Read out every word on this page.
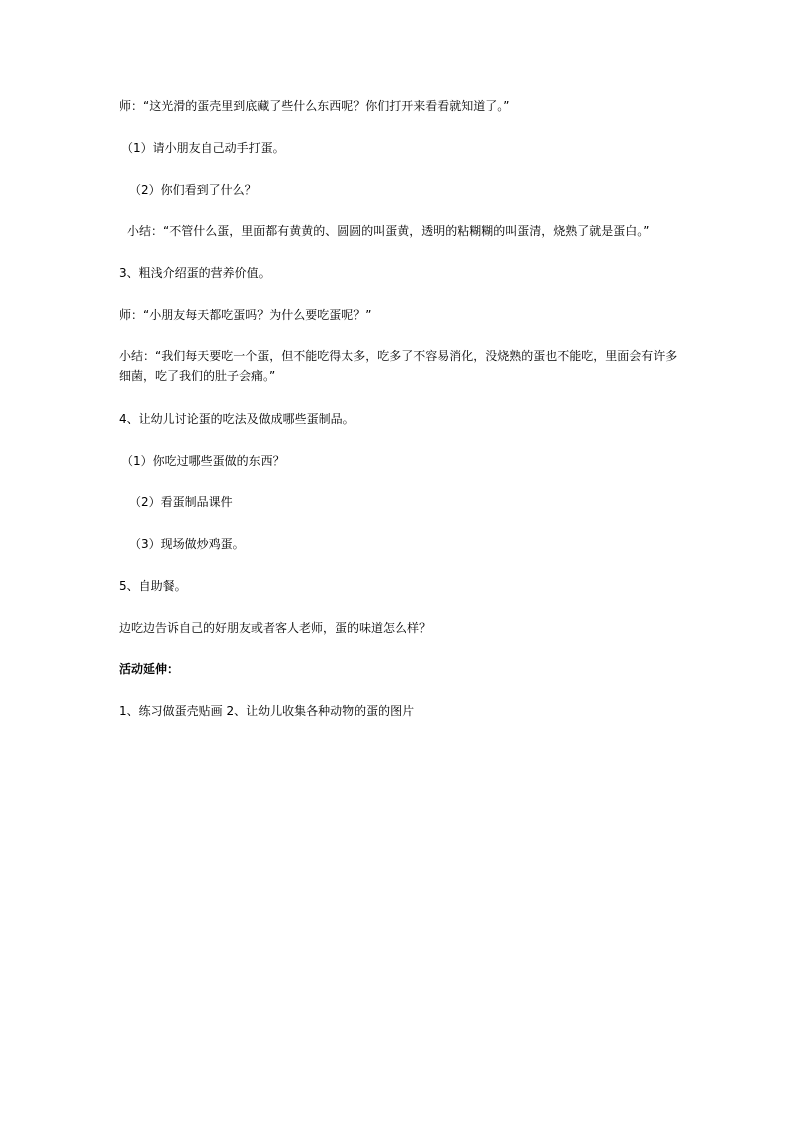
师：“这光滑的蛋壳里到底藏了些什么东西呢？你们打开来看看就知道了。”
（1）请小朋友自己动手打蛋。
（2）你们看到了什么？
小结：“不管什么蛋，里面都有黄黄的、圆圆的叫蛋黄，透明的粘糊糊的叫蛋清，烧熟了就是蛋白。”
3、粗浅介绍蛋的营养价值。
师：“小朋友每天都吃蛋吗？为什么要吃蛋呢？”
小结：“我们每天要吃一个蛋，但不能吃得太多，吃多了不容易消化，没烧熟的蛋也不能吃，里面会有许多细菌，吃了我们的肚子会痛。”
4、让幼儿讨论蛋的吃法及做成哪些蛋制品。
（1）你吃过哪些蛋做的东西？
（2）看蛋制品课件
（3）现场做炒鸡蛋。
5、自助餐。
边吃边告诉自己的好朋友或者客人老师，蛋的味道怎么样？
活动延伸：
1、练习做蛋壳贴画 2、让幼儿收集各种动物的蛋的图片
